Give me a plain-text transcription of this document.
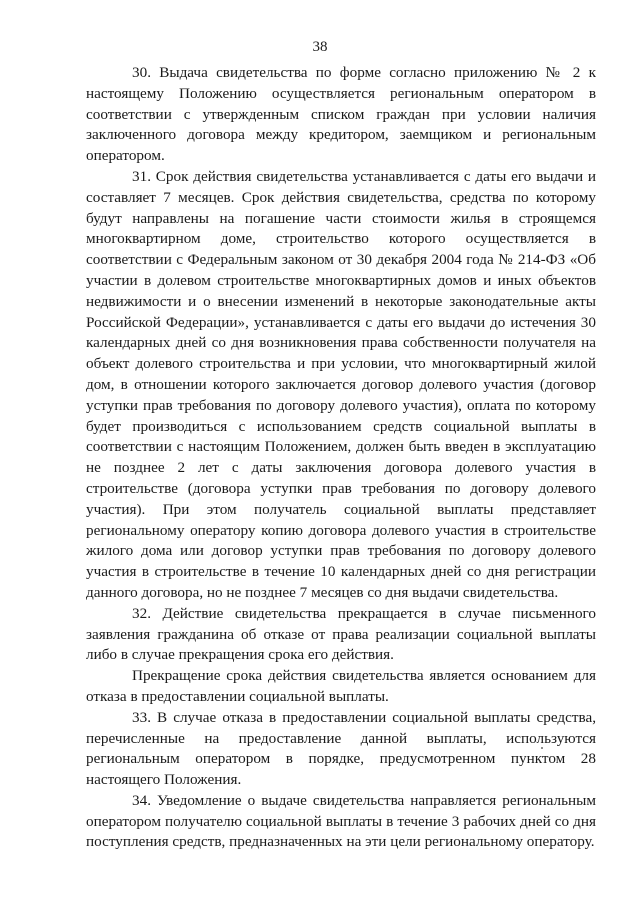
38

30. Выдача свидетельства по форме согласно приложению № 2 к настоящему Положению осуществляется региональным оператором в соответствии с утвержденным списком граждан при условии наличия заключенного договора между кредитором, заемщиком и региональным оператором.

31. Срок действия свидетельства устанавливается с даты его выдачи и составляет 7 месяцев. Срок действия свидетельства, средства по которому будут направлены на погашение части стоимости жилья в строящемся многоквартирном доме, строительство которого осуществляется в соответствии с Федеральным законом от 30 декабря 2004 года № 214-ФЗ «Об участии в долевом строительстве многоквартирных домов и иных объектов недвижимости и о внесении изменений в некоторые законодательные акты Российской Федерации», устанавливается с даты его выдачи до истечения 30 календарных дней со дня возникновения права собственности получателя на объект долевого строительства и при условии, что многоквартирный жилой дом, в отношении которого заключается договор долевого участия (договор уступки прав требования по договору долевого участия), оплата по которому будет производиться с использованием средств социальной выплаты в соответствии с настоящим Положением, должен быть введен в эксплуатацию не позднее 2 лет с даты заключения договора долевого участия в строительстве (договора уступки прав требования по договору долевого участия). При этом получатель социальной выплаты представляет региональному оператору копию договора долевого участия в строительстве жилого дома или договор уступки прав требования по договору долевого участия в строительстве в течение 10 календарных дней со дня регистрации данного договора, но не позднее 7 месяцев со дня выдачи свидетельства.

32. Действие свидетельства прекращается в случае письменного заявления гражданина об отказе от права реализации социальной выплаты либо в случае прекращения срока его действия.

Прекращение срока действия свидетельства является основанием для отказа в предоставлении социальной выплаты.

33. В случае отказа в предоставлении социальной выплаты средства, перечисленные на предоставление данной выплаты, используются региональным оператором в порядке, предусмотренном пунктом 28 настоящего Положения.

34. Уведомление о выдаче свидетельства направляется региональным оператором получателю социальной выплаты в течение 3 рабочих дней со дня поступления средств, предназначенных на эти цели региональному оператору.
